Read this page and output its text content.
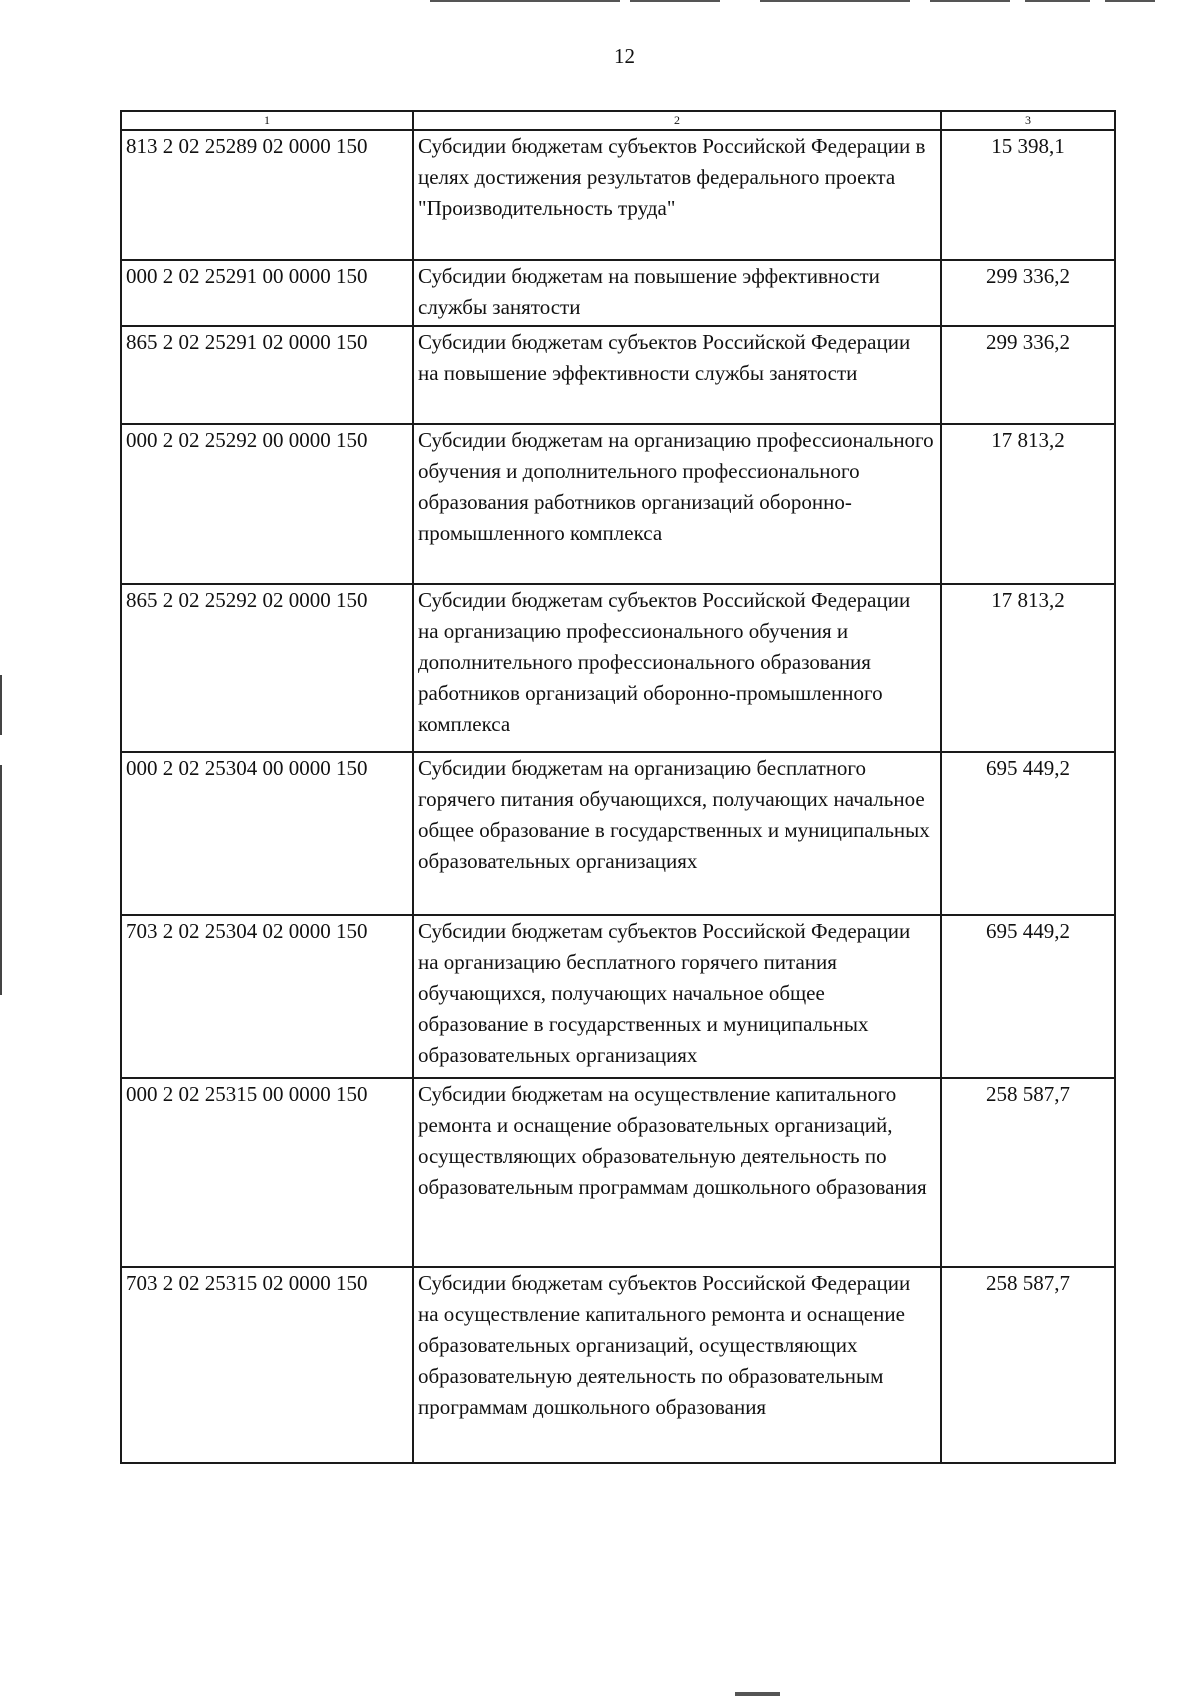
12
1	2	3
813 2 02 25289 02 0000 150	Субсидии бюджетам субъектов Российской Федерации в целях достижения результатов федерального проекта "Производительность труда"	15 398,1
000 2 02 25291 00 0000 150	Субсидии бюджетам на повышение эффективности службы занятости	299 336,2
865 2 02 25291 02 0000 150	Субсидии бюджетам субъектов Российской Федерации на повышение эффективности службы занятости	299 336,2
000 2 02 25292 00 0000 150	Субсидии бюджетам на организацию профессионального обучения и дополнительного профессионального образования работников организаций оборонно-промышленного комплекса	17 813,2
865 2 02 25292 02 0000 150	Субсидии бюджетам субъектов Российской Федерации на организацию профессионального обучения и дополнительного профессионального образования работников организаций оборонно-промышленного комплекса	17 813,2
000 2 02 25304 00 0000 150	Субсидии бюджетам на организацию бесплатного горячего питания обучающихся, получающих начальное общее образование в государственных и муниципальных образовательных организациях	695 449,2
703 2 02 25304 02 0000 150	Субсидии бюджетам субъектов Российской Федерации на организацию бесплатного горячего питания обучающихся, получающих начальное общее образование в государственных и муниципальных образовательных организациях	695 449,2
000 2 02 25315 00 0000 150	Субсидии бюджетам на осуществление капитального ремонта и оснащение образовательных организаций, осуществляющих образовательную деятельность по образовательным программам дошкольного образования	258 587,7
703 2 02 25315 02 0000 150	Субсидии бюджетам субъектов Российской Федерации на осуществление капитального ремонта и оснащение образовательных организаций, осуществляющих образовательную деятельность по образовательным программам дошкольного образования	258 587,7
